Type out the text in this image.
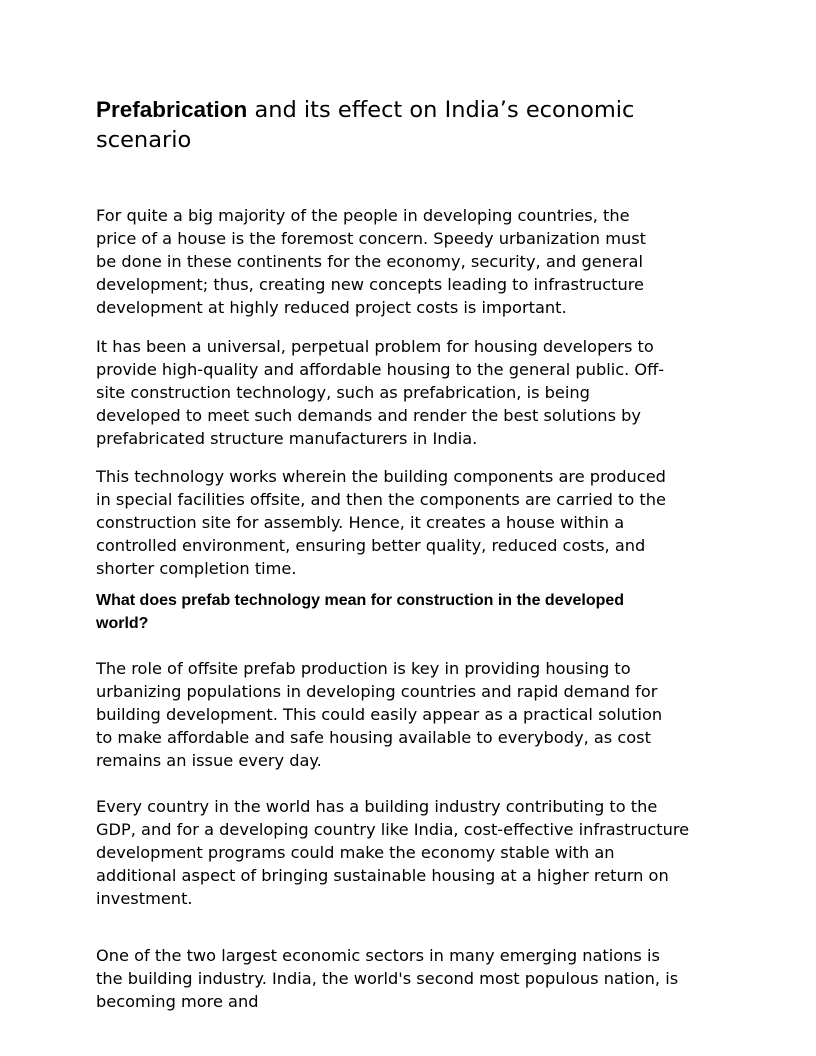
Prefabrication and its effect on India’s economic
scenario

For quite a big majority of the people in developing countries, the
price of a house is the foremost concern. Speedy urbanization must
be done in these continents for the economy, security, and general
development; thus, creating new concepts leading to infrastructure
development at highly reduced project costs is important.

It has been a universal, perpetual problem for housing developers to
provide high-quality and affordable housing to the general public. Off-
site construction technology, such as prefabrication, is being
developed to meet such demands and render the best solutions by
prefabricated structure manufacturers in India.

This technology works wherein the building components are produced
in special facilities offsite, and then the components are carried to the
construction site for assembly. Hence, it creates a house within a
controlled environment, ensuring better quality, reduced costs, and
shorter completion time.

What does prefab technology mean for construction in the developed
world?

The role of offsite prefab production is key in providing housing to
urbanizing populations in developing countries and rapid demand for
building development. This could easily appear as a practical solution
to make affordable and safe housing available to everybody, as cost
remains an issue every day.

Every country in the world has a building industry contributing to the
GDP, and for a developing country like India, cost-effective infrastructure
development programs could make the economy stable with an
additional aspect of bringing sustainable housing at a higher return on
investment.

One of the two largest economic sectors in many emerging nations is
the building industry. India, the world's second most populous nation, is
becoming more and
